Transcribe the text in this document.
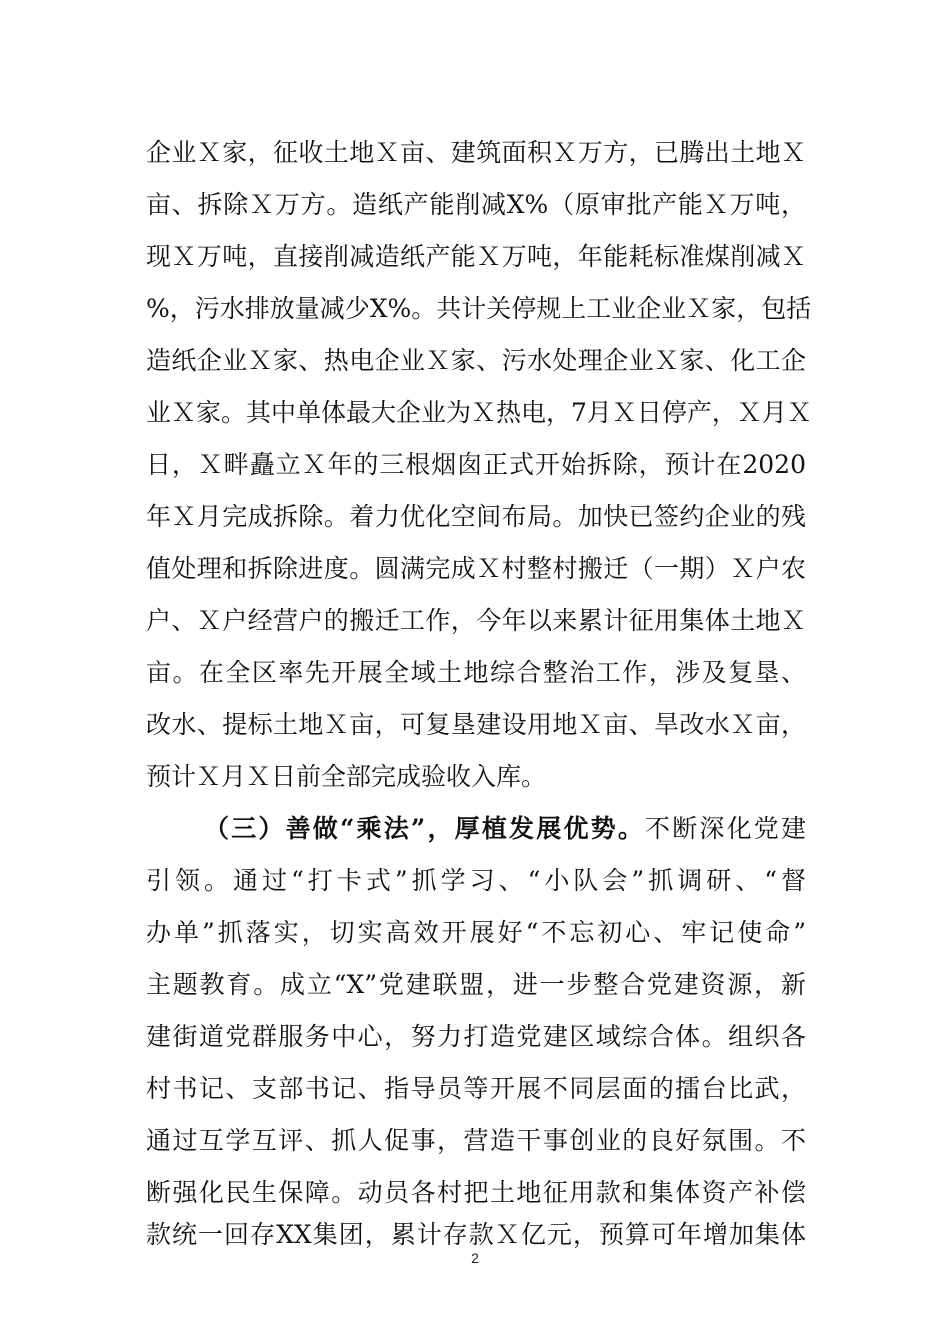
企业Ｘ家，征收土地Ｘ亩、建筑面积Ｘ万方，已腾出土地Ｘ
亩、拆除Ｘ万方。造纸产能削减X%（原审批产能Ｘ万吨，
现Ｘ万吨，直接削减造纸产能Ｘ万吨，年能耗标准煤削减Ｘ
%，污水排放量减少X%。共计关停规上工业企业Ｘ家，包括
造纸企业Ｘ家、热电企业Ｘ家、污水处理企业Ｘ家、化工企
业Ｘ家。其中单体最大企业为Ｘ热电，7月Ｘ日停产，Ｘ月Ｘ
日，Ｘ畔矗立Ｘ年的三根烟囱正式开始拆除，预计在2020
年Ｘ月完成拆除。着力优化空间布局。加快已签约企业的残
值处理和拆除进度。圆满完成Ｘ村整村搬迁（一期）Ｘ户农
户、Ｘ户经营户的搬迁工作，今年以来累计征用集体土地Ｘ
亩。在全区率先开展全域土地综合整治工作，涉及复垦、
改水、提标土地Ｘ亩，可复垦建设用地Ｘ亩、旱改水Ｘ亩，
预计Ｘ月Ｘ日前全部完成验收入库。
（三）善做“乘法”，厚植发展优势。不断深化党建
引领。通过“打卡式”抓学习、“小队会”抓调研、“督
办单”抓落实，切实高效开展好“不忘初心、牢记使命”
主题教育。成立“X”党建联盟，进一步整合党建资源，新
建街道党群服务中心，努力打造党建区域综合体。组织各
村书记、支部书记、指导员等开展不同层面的擂台比武，
通过互学互评、抓人促事，营造干事创业的良好氛围。不
断强化民生保障。动员各村把土地征用款和集体资产补偿
款统一回存XX集团，累计存款Ｘ亿元，预算可年增加集体
2
